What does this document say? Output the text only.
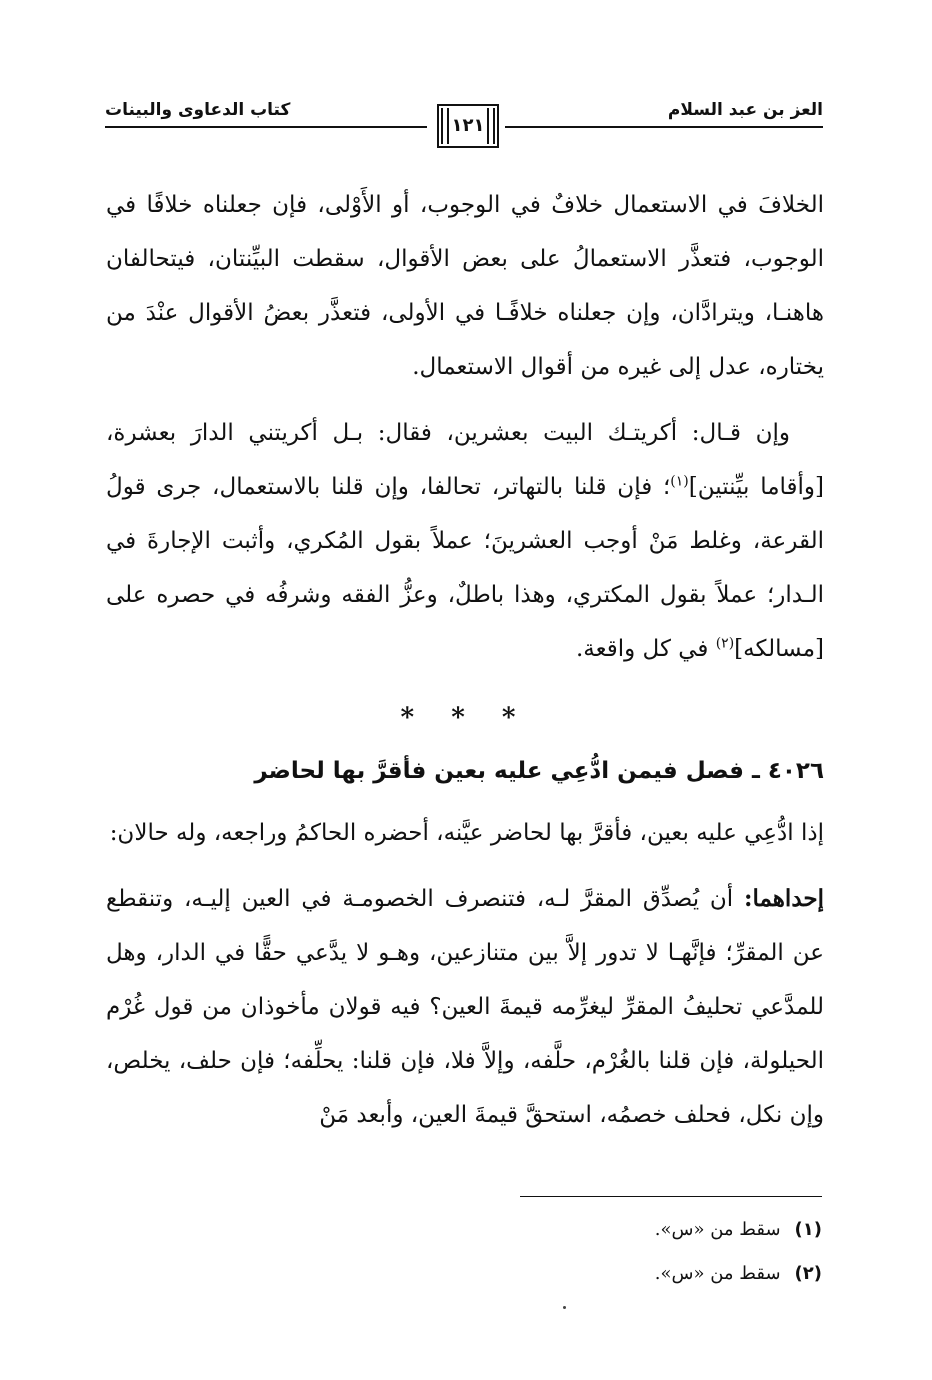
العز بن عبد السلام
١٢١
كتاب الدعاوى والبينات

الخلافَ في الاستعمال خلافٌ في الوجوب، أو الأَوْلى، فإن جعلناه خلافًا في الوجوب، فتعذَّر الاستعمالُ على بعض الأقوال، سقطت البيِّنتان، فيتحالفان هاهنـا، ويترادَّان، وإن جعلناه خلافًـا في الأولى، فتعذَّر بعضُ الأقوال عنْدَ من يختاره، عدل إلى غيره من أقوال الاستعمال.

وإن قـال: أكريتـك البيت بعشرين، فقال: بـل أكريتني الدارَ بعشرة، [وأقاما بيِّنتين]$^{(١)}$؛ فإن قلنا بالتهاتر، تحالفا، وإن قلنا بالاستعمال، جرى قولُ القرعة، وغلط مَنْ أوجب العشرينَ؛ عملاً بقول المُكري، وأثبت الإجارةَ في الـدار؛ عملاً بقول المكتري، وهذا باطلٌ، وعزُّ الفقه وشرفُه في حصره على [مسالكه]$^{(٢)}$ في كل واقعة.

* * *

٤٠٢٦ ـ فصل فيمن ادُّعِي عليه بعين فأقرَّ بها لحاضر

إذا ادُّعِي عليه بعين، فأقرَّ بها لحاضر عيَّنه، أحضره الحاكمُ وراجعه، وله حالان:

إحداهما: أن يُصدِّق المقرَّ لـه، فتنصرف الخصومـة في العين إليـه، وتنقطع عن المقرِّ؛ فإنَّهـا لا تدور إلاَّ بين متنازعين، وهـو لا يدَّعي حقًّا في الدار، وهل للمدَّعي تحليفُ المقرِّ ليغرِّمه قيمةَ العين؟ فيه قولان مأخوذان من قول غُرْم الحيلولة، فإن قلنا بالغُرْم، حلَّفه، وإلاَّ فلا، فإن قلنا: يحلِّفه؛ فإن حلف، يخلص، وإن نكل، فحلف خصمُه، استحقَّ قيمةَ العين، وأبعد مَنْ

(١)
سقط من «س».
(٢)
سقط من «س».
